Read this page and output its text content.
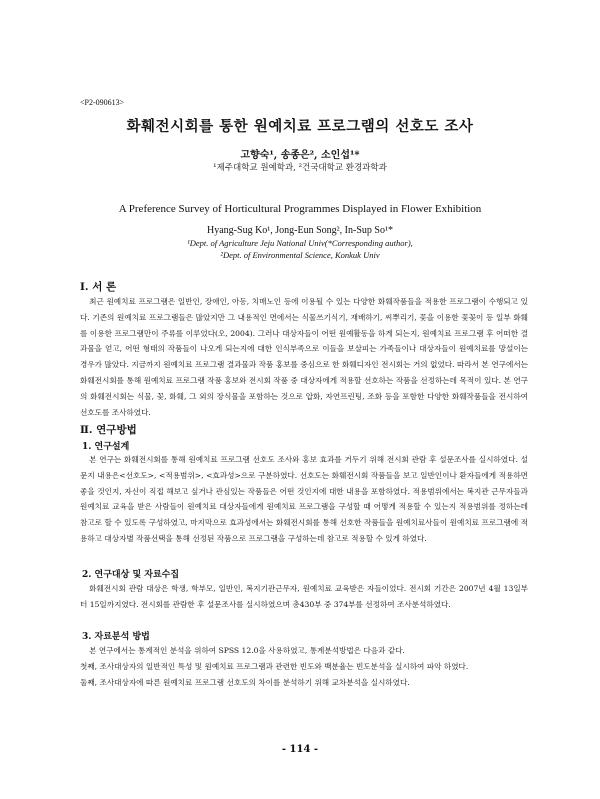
<P2-090613>
화훼전시회를 통한 원예치료 프로그램의 선호도 조사
고향숙¹, 송종은², 소인섭¹*
¹제주대학교 원예학과, ²건국대학교 환경과학과
A Preference Survey of Horticultural Programmes Displayed in Flower Exhibition
Hyang-Sug Ko¹, Jong-Eun Song², In-Sup So¹*
¹Dept. of Agriculture Jeju National Univ(*Corresponding author),
²Dept. of Environmental Science, Konkuk Univ
Ⅰ. 서 론

최근 원예치료 프로그램은 일반인, 장애인, 아동, 치매노인 등에 이용될 수 있는 다양한 화훼작품들을 적용한 프로그램이 수행되고 있다. 기존의 원예치료 프로그램들은 많았지만 그 내용적인 면에서는 식물쓰기식기, 재배하기, 씨뿌리기, 꽃을 이용한 꽃꽂이 등 일부 화훼를 이용한 프로그램만이 주류를 이루었다(오, 2004). 그러나 대상자들이 어떤 원예활동을 하게 되는지, 원예치료 프로그램 후 어떠한 결과물을 얻고, 어떤 형태의 작품들이 나오게 되는지에 대한 인식부족으로 이들을 보살피는 가족들이나 대상자들이 원예치료를 망설이는 경우가 많았다. 지금까지 원예치료 프로그램 결과물과 작품 홍보를 중심으로 한 화훼디자인 전시회는 거의 없었다. 따라서 본 연구에서는 화훼전시회를 통해 원예치료 프로그램 작품 홍보와 전시회 작품 중 대상자에게 적용할 선호하는 작품을 선정하는데 목적이 있다. 본 연구의 화훼전시회는 식물, 꽃, 화훼, 그 외의 장식물을 포함하는 것으로 압화, 자연프린팅, 조화 등을 포함한 다양한 화훼작품들을 전시하여 선호도를 조사하였다.

Ⅱ. 연구방법
1. 연구설계

본 연구는 화훼전시회를 통해 원예치료 프로그램 선호도 조사와 홍보 효과를 거두기 위해 전시회 관람 후 설문조사를 실시하였다. 설문지 내용은<선호도>, <적용범위>, <효과성>으로 구분하였다. 선호도는 화훼전시회 작품들을 보고 일반인이나 환자들에게 적용하면 좋을 것인지, 자신이 직접 해보고 싶거나 관심있는 작품들은 어떤 것인지에 대한 내용을 포함하였다. 적용범위에서는 복지관 근무자들과 원예치료 교육을 받은 사람들이 원예치료 대상자들에게 원예치료 프로그램을 구성할 때 어떻게 적용할 수 있는지 적용범위를 정하는데 참고로 할 수 있도록 구성하였고, 마지막으로 효과성에서는 화훼전시회를 통해 선호한 작품들을 원예치료사들이 원예치료 프로그램에 적용하고 대상자별 작품선택을 통해 선정된 작품으로 프로그램을 구성하는데 참고로 적용할 수 있게 하였다.

2. 연구대상 및 자료수집

화훼전시회 관람 대상은 학생, 학부모, 일반인, 복지기관근무자, 원예치료 교육받은 자들이었다. 전시회 기간은 2007년 4월 13일부터 15일까지였다. 전시회를 관람한 후 설문조사를 실시하였으며 총430부 중 374부를 선정하여 조사분석하였다.

3. 자료분석 방법

본 연구에서는 통계적인 분석을 위하여 SPSS 12.0을 사용하였고, 통계분석방법은 다음과 같다.

첫째, 조사대상자의 일반적인 특성 및 원예치료 프로그램과 관련한 빈도와 백분율는 빈도분석을 실시하여 파악 하였다.

둘째, 조사대상자에 따른 원예치료 프로그램 선호도의 차이를 분석하기 위해 교차분석을 실시하였다.

- 114 -
